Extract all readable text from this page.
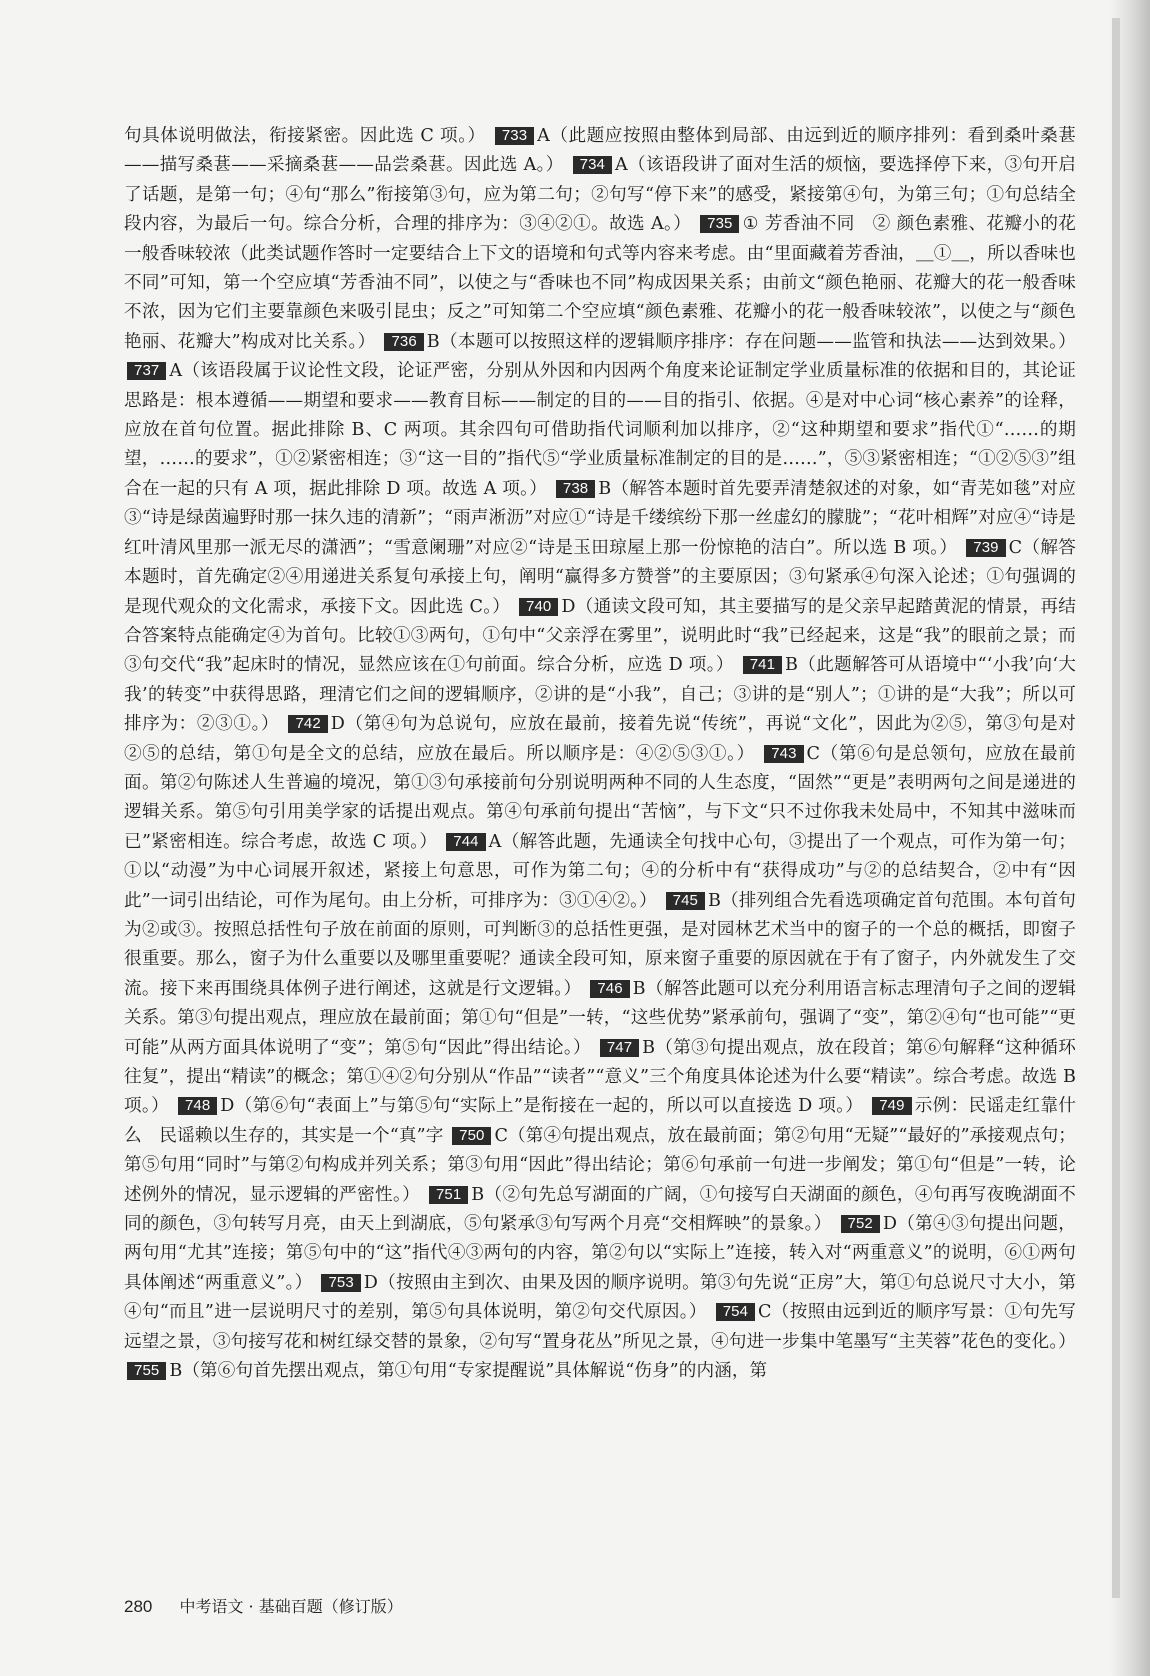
句具体说明做法，衔接紧密。因此选 C 项。） 733 A（此题应按照由整体到局部、由远到近的顺序排列：看到桑叶桑葚——描写桑葚——采摘桑葚——品尝桑葚。因此选 A。） 734 A（该语段讲了面对生活的烦恼，要选择停下来，③句开启了话题，是第一句；④句“那么”衔接第③句，应为第二句；②句写“停下来”的感受，紧接第④句，为第三句；①句总结全段内容，为最后一句。综合分析，合理的排序为：③④②①。故选 A。） 735 ① 芳香油不同　② 颜色素雅、花瓣小的花一般香味较浓（此类试题作答时一定要结合上下文的语境和句式等内容来考虑。由“里面藏着芳香油，＿①＿，所以香味也不同”可知，第一个空应填“芳香油不同”，以使之与“香味也不同”构成因果关系；由前文“颜色艳丽、花瓣大的花一般香味不浓，因为它们主要靠颜色来吸引昆虫；反之”可知第二个空应填“颜色素雅、花瓣小的花一般香味较浓”，以使之与“颜色艳丽、花瓣大”构成对比关系。） 736 B（本题可以按照这样的逻辑顺序排序：存在问题——监管和执法——达到效果。） 737 A（该语段属于议论性文段，论证严密，分别从外因和内因两个角度来论证制定学业质量标准的依据和目的，其论证思路是：根本遵循——期望和要求——教育目标——制定的目的——目的指引、依据。④是对中心词“核心素养”的诠释，应放在首句位置。据此排除 B、C 两项。其余四句可借助指代词顺利加以排序，②“这种期望和要求”指代①“……的期望，……的要求”，①②紧密相连；③“这一目的”指代⑤“学业质量标准制定的目的是……”，⑤③紧密相连；“①②⑤③”组合在一起的只有 A 项，据此排除 D 项。故选 A 项。） 738 B（解答本题时首先要弄清楚叙述的对象，如“青芜如毯”对应③“诗是绿茵遍野时那一抹久违的清新”；“雨声淅沥”对应①“诗是千缕缤纷下那一丝虚幻的朦胧”；“花叶相辉”对应④“诗是红叶清风里那一派无尽的潇洒”；“雪意阑珊”对应②“诗是玉田琼屋上那一份惊艳的洁白”。所以选 B 项。） 739 C（解答本题时，首先确定②④用递进关系复句承接上句，阐明“赢得多方赞誉”的主要原因；③句紧承④句深入论述；①句强调的是现代观众的文化需求，承接下文。因此选 C。） 740 D（通读文段可知，其主要描写的是父亲早起踏黄泥的情景，再结合答案特点能确定④为首句。比较①③两句，①句中“父亲浮在雾里”，说明此时“我”已经起来，这是“我”的眼前之景；而③句交代“我”起床时的情况，显然应该在①句前面。综合分析，应选 D 项。） 741 B（此题解答可从语境中“‘小我’向‘大我’的转变”中获得思路，理清它们之间的逻辑顺序，②讲的是“小我”，自己；③讲的是“别人”；①讲的是“大我”；所以可排序为：②③①。） 742 D（第④句为总说句，应放在最前，接着先说“传统”，再说“文化”，因此为②⑤，第③句是对②⑤的总结，第①句是全文的总结，应放在最后。所以顺序是：④②⑤③①。） 743 C（第⑥句是总领句，应放在最前面。第②句陈述人生普遍的境况，第①③句承接前句分别说明两种不同的人生态度，“固然”“更是”表明两句之间是递进的逻辑关系。第⑤句引用美学家的话提出观点。第④句承前句提出“苦恼”，与下文“只不过你我未处局中，不知其中滋味而已”紧密相连。综合考虑，故选 C 项。） 744 A（解答此题，先通读全句找中心句，③提出了一个观点，可作为第一句；①以“动漫”为中心词展开叙述，紧接上句意思，可作为第二句；④的分析中有“获得成功”与②的总结契合，②中有“因此”一词引出结论，可作为尾句。由上分析，可排序为：③①④②。） 745 B（排列组合先看选项确定首句范围。本句首句为②或③。按照总括性句子放在前面的原则，可判断③的总括性更强，是对园林艺术当中的窗子的一个总的概括，即窗子很重要。那么，窗子为什么重要以及哪里重要呢？通读全段可知，原来窗子重要的原因就在于有了窗子，内外就发生了交流。接下来再围绕具体例子进行阐述，这就是行文逻辑。） 746 B（解答此题可以充分利用语言标志理清句子之间的逻辑关系。第③句提出观点，理应放在最前面；第①句“但是”一转，“这些优势”紧承前句，强调了“变”，第②④句“也可能”“更可能”从两方面具体说明了“变”；第⑤句“因此”得出结论。） 747 B（第③句提出观点，放在段首；第⑥句解释“这种循环往复”，提出“精读”的概念；第①④②句分别从“作品”“读者”“意义”三个角度具体论述为什么要“精读”。综合考虑。故选 B 项。） 748 D（第⑥句“表面上”与第⑤句“实际上”是衔接在一起的，所以可以直接选 D 项。） 749 示例：民谣走红靠什么　民谣赖以生存的，其实是一个“真”字 750 C（第④句提出观点，放在最前面；第②句用“无疑”“最好的”承接观点句；第⑤句用“同时”与第②句构成并列关系；第③句用“因此”得出结论；第⑥句承前一句进一步阐发；第①句“但是”一转，论述例外的情况，显示逻辑的严密性。） 751 B（②句先总写湖面的广阔，①句接写白天湖面的颜色，④句再写夜晚湖面不同的颜色，③句转写月亮，由天上到湖底，⑤句紧承③句写两个月亮“交相辉映”的景象。） 752 D（第④③句提出问题，两句用“尤其”连接；第⑤句中的“这”指代④③两句的内容，第②句以“实际上”连接，转入对“两重意义”的说明，⑥①两句具体阐述“两重意义”。） 753 D（按照由主到次、由果及因的顺序说明。第③句先说“正房”大，第①句总说尺寸大小，第④句“而且”进一层说明尺寸的差别，第⑤句具体说明，第②句交代原因。） 754 C（按照由远到近的顺序写景：①句先写远望之景，③句接写花和树红绿交替的景象，②句写“置身花丛”所见之景，④句进一步集中笔墨写“主芙蓉”花色的变化。） 755 B（第⑥句首先摆出观点，第①句用“专家提醒说”具体解说“伤身”的内涵，第
280 中考语文 · 基础百题（修订版）
